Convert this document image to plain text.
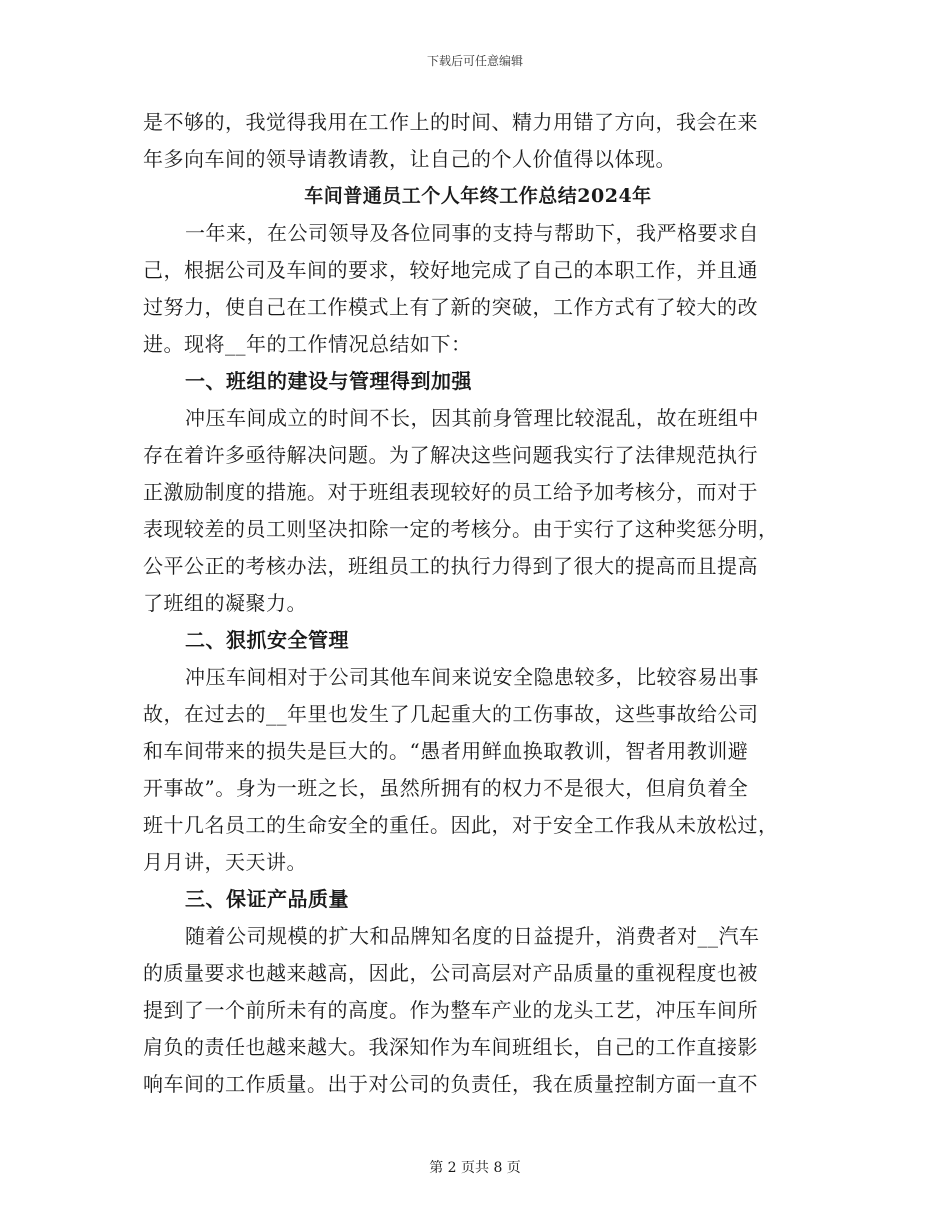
下载后可任意编辑
是不够的，我觉得我用在工作上的时间、精力用错了方向，我会在来
年多向车间的领导请教请教，让自己的个人价值得以体现。
车间普通员工个人年终工作总结2024年
一年来，在公司领导及各位同事的支持与帮助下，我严格要求自
己，根据公司及车间的要求，较好地完成了自己的本职工作，并且通
过努力，使自己在工作模式上有了新的突破，工作方式有了较大的改
进。现将__年的工作情况总结如下：
一、班组的建设与管理得到加强
冲压车间成立的时间不长，因其前身管理比较混乱，故在班组中
存在着许多亟待解决问题。为了解决这些问题我实行了法律规范执行
正激励制度的措施。对于班组表现较好的员工给予加考核分，而对于
表现较差的员工则坚决扣除一定的考核分。由于实行了这种奖惩分明，
公平公正的考核办法，班组员工的执行力得到了很大的提高而且提高
了班组的凝聚力。
二、狠抓安全管理
冲压车间相对于公司其他车间来说安全隐患较多，比较容易出事
故，在过去的__年里也发生了几起重大的工伤事故，这些事故给公司
和车间带来的损失是巨大的。“愚者用鲜血换取教训，智者用教训避
开事故”。身为一班之长，虽然所拥有的权力不是很大，但肩负着全
班十几名员工的生命安全的重任。因此，对于安全工作我从未放松过，
月月讲，天天讲。
三、保证产品质量
随着公司规模的扩大和品牌知名度的日益提升，消费者对__汽车
的质量要求也越来越高，因此，公司高层对产品质量的重视程度也被
提到了一个前所未有的高度。作为整车产业的龙头工艺，冲压车间所
肩负的责任也越来越大。我深知作为车间班组长，自己的工作直接影
响车间的工作质量。出于对公司的负责任，我在质量控制方面一直不
第 2 页共 8 页
